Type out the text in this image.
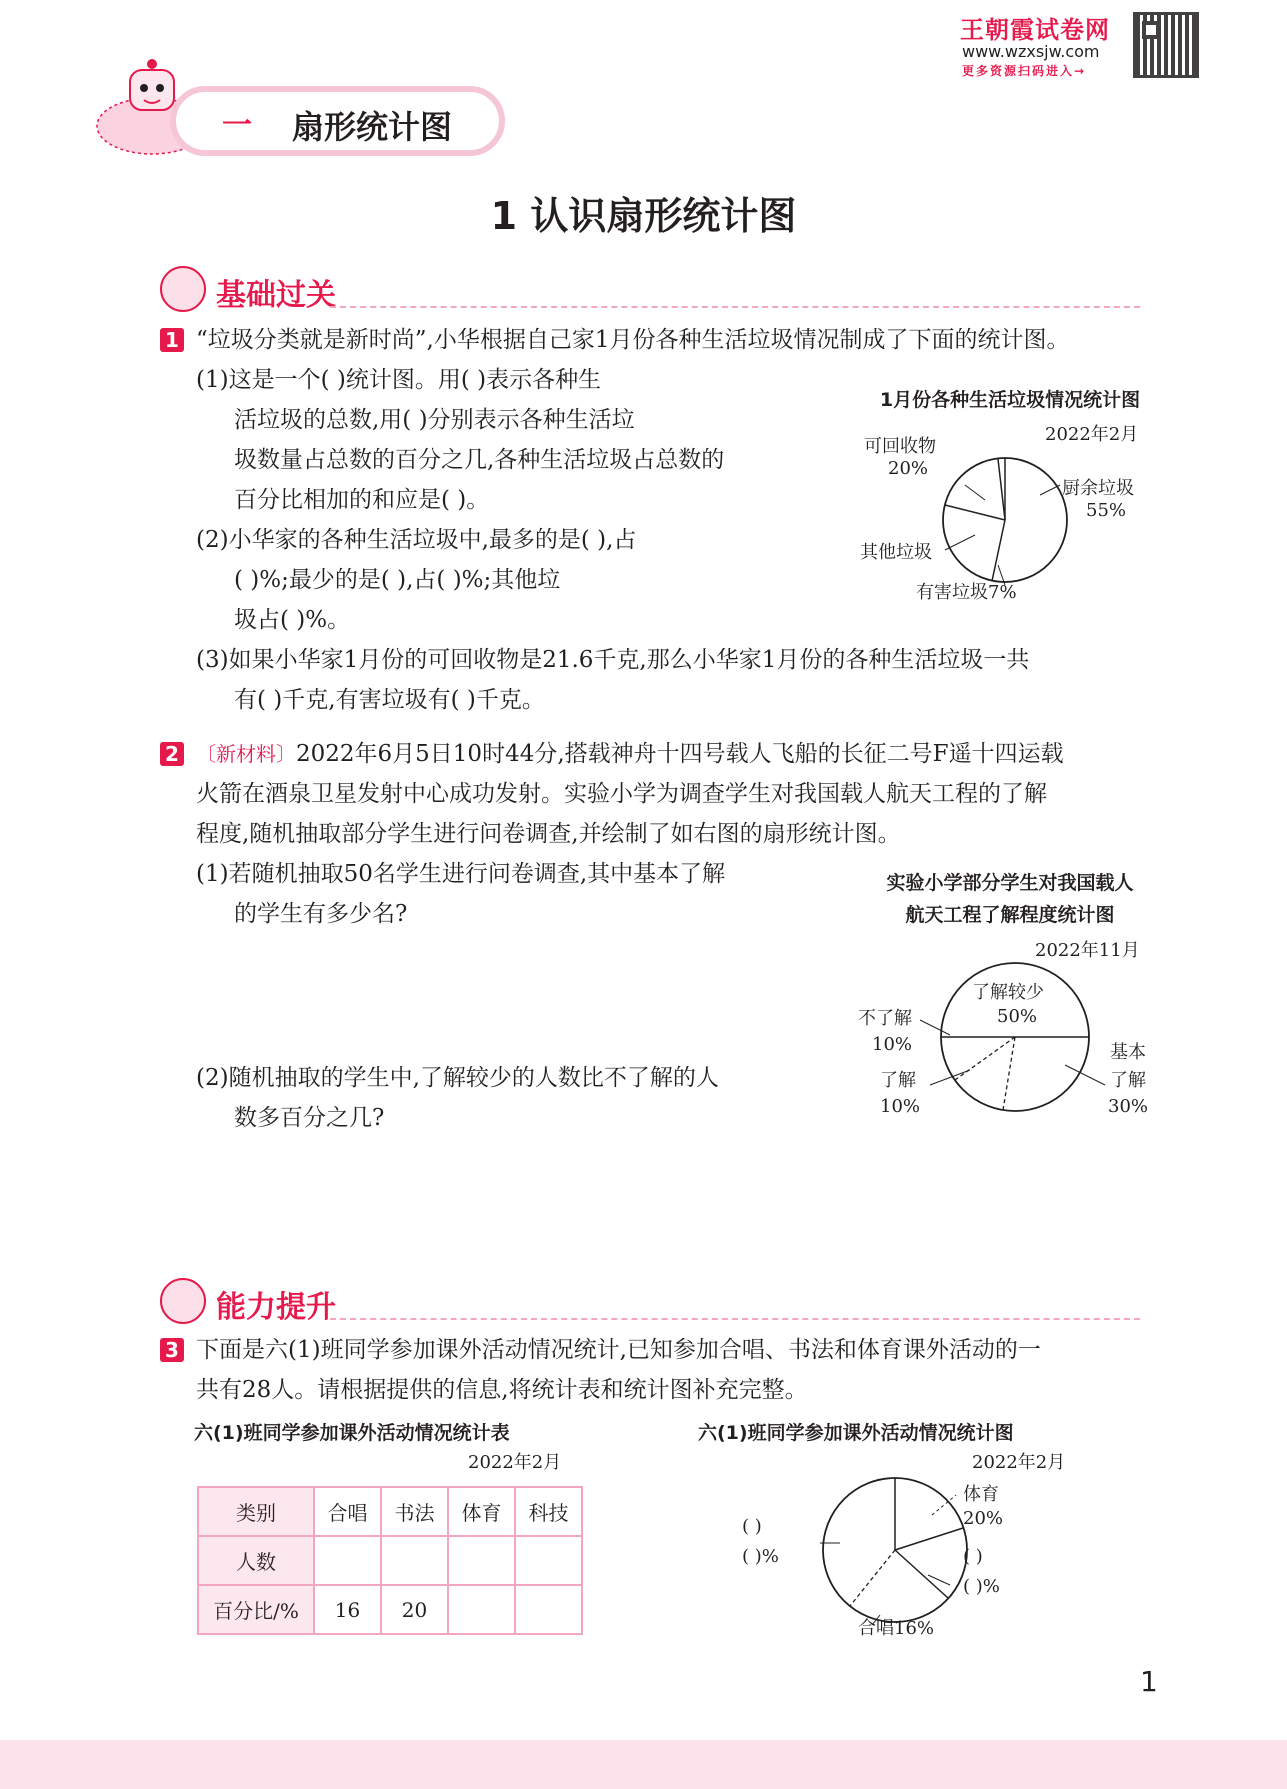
王朝霞试卷网
www.wzxsjw.com
更多资源扫码进入→
一 扇形统计图
1 认识扇形统计图
基础过关
1 “垃圾分类就是新时尚”,小华根据自己家1月份各种生活垃圾情况制成了下面的统计图。
(1)这是一个( )统计图。用( )表示各种生
活垃圾的总数,用( )分别表示各种生活垃
圾数量占总数的百分之几,各种生活垃圾占总数的
百分比相加的和应是( )。
(2)小华家的各种生活垃圾中,最多的是( ),占
( )%;最少的是( ),占( )%;其他垃
圾占( )%。
(3)如果小华家1月份的可回收物是21.6千克,那么小华家1月份的各种生活垃圾一共
有( )千克,有害垃圾有( )千克。
1月份各种生活垃圾情况统计图
2022年2月
可回收物
20%
厨余垃圾
55%
其他垃圾
有害垃圾7%
2 〔新材料〕2022年6月5日10时44分,搭载神舟十四号载人飞船的长征二号F遥十四运载
火箭在酒泉卫星发射中心成功发射。实验小学为调查学生对我国载人航天工程的了解
程度,随机抽取部分学生进行问卷调查,并绘制了如右图的扇形统计图。
(1)若随机抽取50名学生进行问卷调查,其中基本了解
的学生有多少名?
(2)随机抽取的学生中,了解较少的人数比不了解的人
数多百分之几?
实验小学部分学生对我国载人
航天工程了解程度统计图
2022年11月
了解较少
50%
不了解
10%
了解
10%
基本
了解
30%
能力提升
3 下面是六(1)班同学参加课外活动情况统计,已知参加合唱、书法和体育课外活动的一
共有28人。请根据提供的信息,将统计表和统计图补充完整。
六(1)班同学参加课外活动情况统计表
2022年2月
类别	合唱	书法	体育	科技
人数				
百分比/%	16	20		
六(1)班同学参加课外活动情况统计图
2022年2月
体育
20%
( )
( )%	( )
( )%
合唱16%
1
